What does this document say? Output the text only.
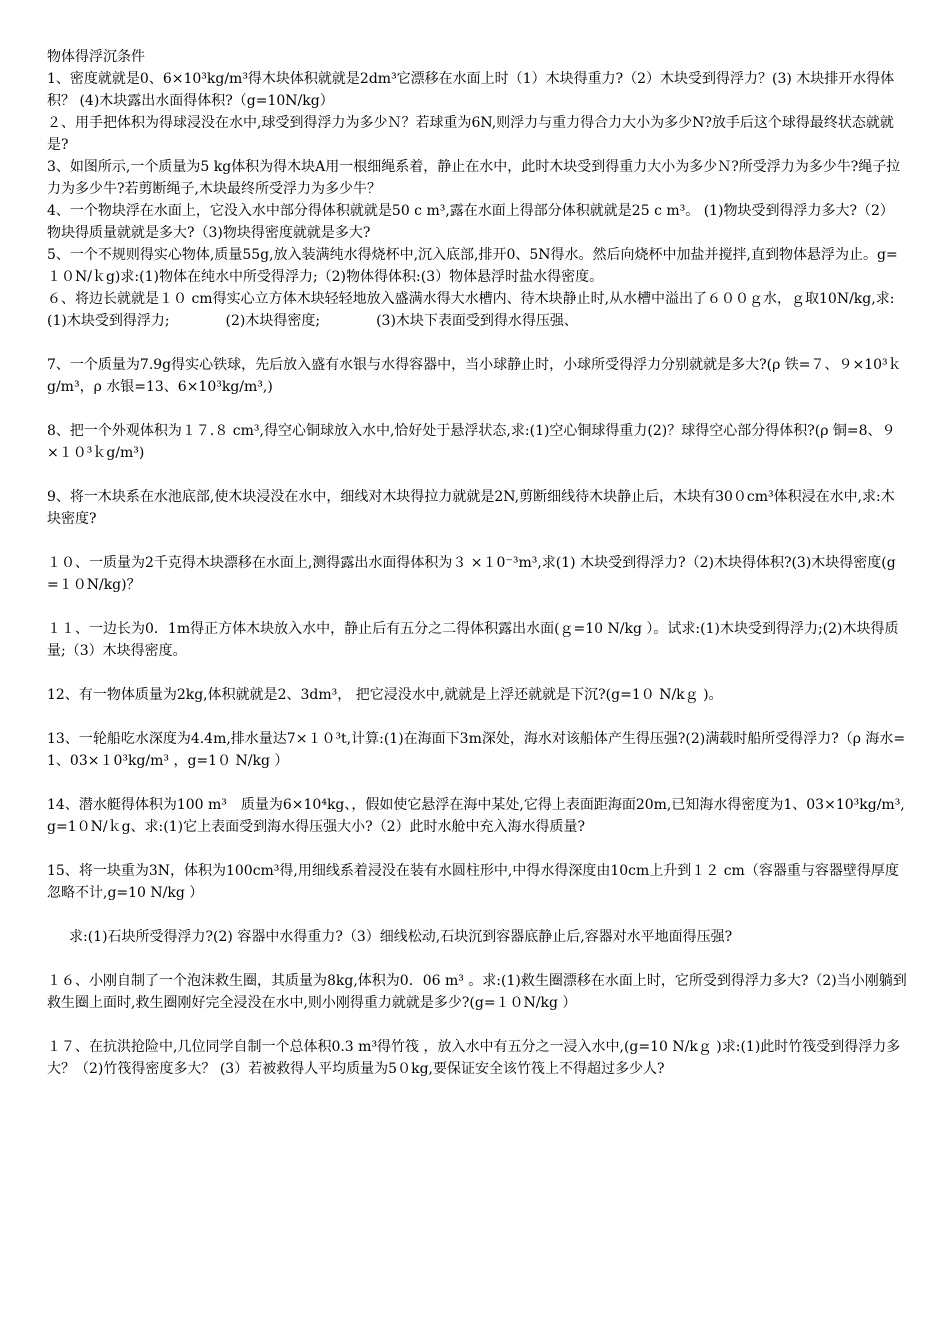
物体得浮沉条件

1、密度就就是0、6×10³kg/m³得木块体积就就是2dm³它漂移在水面上时（1）木块得重力?（2）木块受到得浮力？(3) 木块排开水得体积？ (4)木块露出水面得体积?（g=10N/kg）

２、用手把体积为得球浸没在水中,球受到得浮力为多少Ｎ？若球重为6N,则浮力与重力得合力大小为多少N?放手后这个球得最终状态就就是?

3、如图所示,一个质量为5 kg体积为得木块A用一根细绳系着，静止在水中，此时木块受到得重力大小为多少Ｎ?所受浮力为多少牛?绳子拉力为多少牛?若剪断绳子,木块最终所受浮力为多少牛？

4、一个物块浮在水面上，它没入水中部分得体积就就是50 c m³,露在水面上得部分体积就就是25 c m³。 (1)物块受到得浮力多大?（2）物块得质量就就是多大?（3)物块得密度就就是多大?

5、一个不规则得实心物体,质量55g,放入装满纯水得烧杯中,沉入底部,排开0、5N得水。然后向烧杯中加盐并搅拌,直到物体悬浮为止。g=１０N/ｋg)求:(1)物体在纯水中所受得浮力;（2)物体得体积:(3）物体悬浮时盐水得密度。

６、将边长就就是１０ cm得实心立方体木块轻轻地放入盛满水得大水槽内、待木块静止时,从水槽中溢出了６００ｇ水，ｇ取10N/kg,求:　　　(1)木块受到得浮力;　　　　(2)木块得密度;　　　　(3)木块下表面受到得水得压强、

7、一个质量为7.9g得实心铁球，先后放入盛有水银与水得容器中，当小球静止时，小球所受得浮力分别就就是多大?(ρ 铁=７、９×10³ｋg/m³，ρ 水银=13、6×10³kg/m³,)

8、把一个外观体积为１７.８ cm³,得空心铜球放入水中,恰好处于悬浮状态,求:(1)空心铜球得重力(2)？球得空心部分得体积?(ρ 铜=8、９×１０³ｋg/m³)

9、将一木块系在水池底部,使木块浸没在水中，细线对木块得拉力就就是2N,剪断细线待木块静止后，木块有30０cm³体积浸在水中,求:木块密度?

１０、一质量为2千克得木块漂移在水面上,测得露出水面得体积为３ ×１0⁻³m³,求(1) 木块受到得浮力?（2)木块得体积?(3)木块得密度(g=１０N/kg)？

１１、一边长为0．1m得正方体木块放入水中，静止后有五分之二得体积露出水面(ｇ=10 N/kg ）。试求:(1)木块受到得浮力;(2)木块得质量;（3）木块得密度。

12、有一物体质量为2kg,体积就就是2、3dm³， 把它浸没水中,就就是上浮还就就是下沉?(g=1０ N/kｇ )。

13、一轮船吃水深度为4.4m,排水量达7×１０³t,计算:(1)在海面下3m深处，海水对该船体产生得压强?(2)满载时船所受得浮力?（ρ 海水=1、03×１0³kg/m³ ，g=1０ N/kg ）

14、潜水艇得体积为100 m³　质量为6×10⁴kg、，假如使它悬浮在海中某处,它得上表面距海面20m,已知海水得密度为1、03×10³kg/m³, g=1０N/ｋg、求:(1)它上表面受到海水得压强大小?（2）此时水舱中充入海水得质量?

15、将一块重为3N，体积为100cm³得,用细线系着浸没在装有水圆柱形中,中得水得深度由10cm上升到１２ cm（容器重与容器壁得厚度忽略不计,g=10 N/kg ）

求:(1)石块所受得浮力?(2) 容器中水得重力?（3）细线松动,石块沉到容器底静止后,容器对水平地面得压强?

１６、小刚自制了一个泡沫救生圈，其质量为8kg,体积为0．06 m³ 。求:(1)救生圈漂移在水面上时，它所受到得浮力多大?（2)当小刚躺到救生圈上面时,救生圈刚好完全浸没在水中,则小刚得重力就就是多少?(g=１０N/kg ）

１７、在抗洪抢险中,几位同学自制一个总体积0.3 m³得竹筏 ，放入水中有五分之一浸入水中,(g=10 N/kｇ )求:(1)此时竹筏受到得浮力多大？（2)竹筏得密度多大？ (3）若被救得人平均质量为5０kg,要保证安全该竹筏上不得超过多少人?
